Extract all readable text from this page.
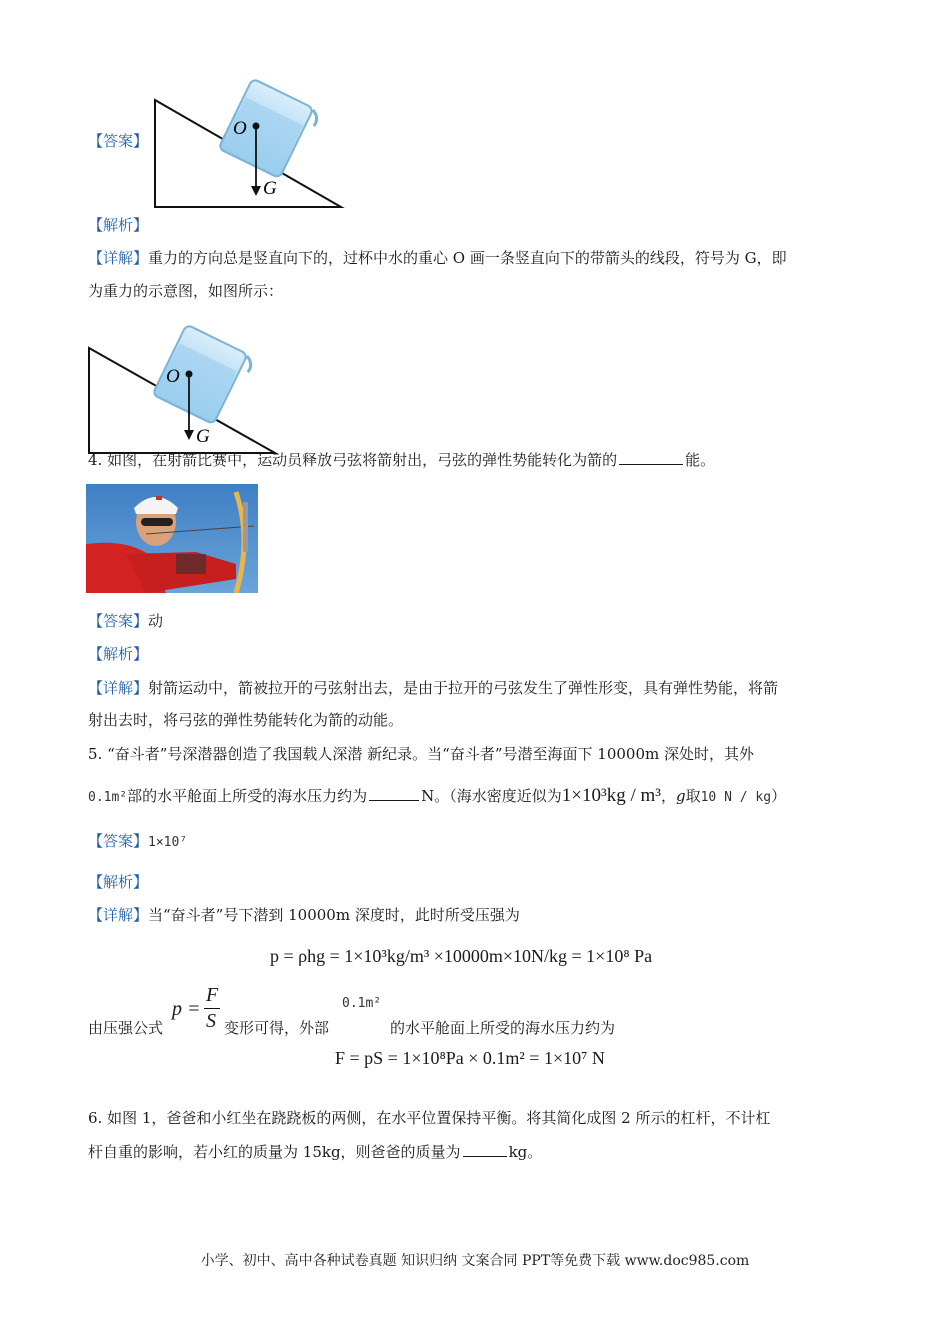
【答案】
O
G
【解析】
【详解】重力的方向总是竖直向下的，过杯中水的重心 O 画一条竖直向下的带箭头的线段，符号为 G，即
为重力的示意图，如图所示：
O
G
4. 如图，在射箭比赛中，运动员释放弓弦将箭射出，弓弦的弹性势能转化为箭的	能。
【答案】动
【解析】
【详解】射箭运动中，箭被拉开的弓弦射出去，是由于拉开的弓弦发生了弹性形变，具有弹性势能，将箭
射出去时，将弓弦的弹性势能转化为箭的动能。
5. “奋斗者”号深潜器创造了我国载人深潜 新纪录。当“奋斗者”号潜至海面下 10000m 深处时，其外
0.1m²部的水平舱面上所受的海水压力约为	N。（海水密度近似为1×10³kg / m³，g取10 N / kg）
【答案】1×10⁷
【解析】
【详解】当“奋斗者”号下潜到 10000m 深度时，此时所受压强为
p = ρhg = 1×10³kg/m³ ×10000m×10N/kg = 1×10⁸ Pa
由压强公式
p =
F
S 变形可得，外部
0.1m²
的水平舱面上所受的海水压力约为
F = pS = 1×10⁸Pa × 0.1m² = 1×10⁷ N
6. 如图 1，爸爸和小红坐在跷跷板的两侧，在水平位置保持平衡。将其简化成图 2 所示的杠杆，不计杠
杆自重的影响，若小红的质量为 15kg，则爸爸的质量为	kg。
小学、初中、高中各种试卷真题 知识归纳 文案合同 PPT等免费下载 www.doc985.com
